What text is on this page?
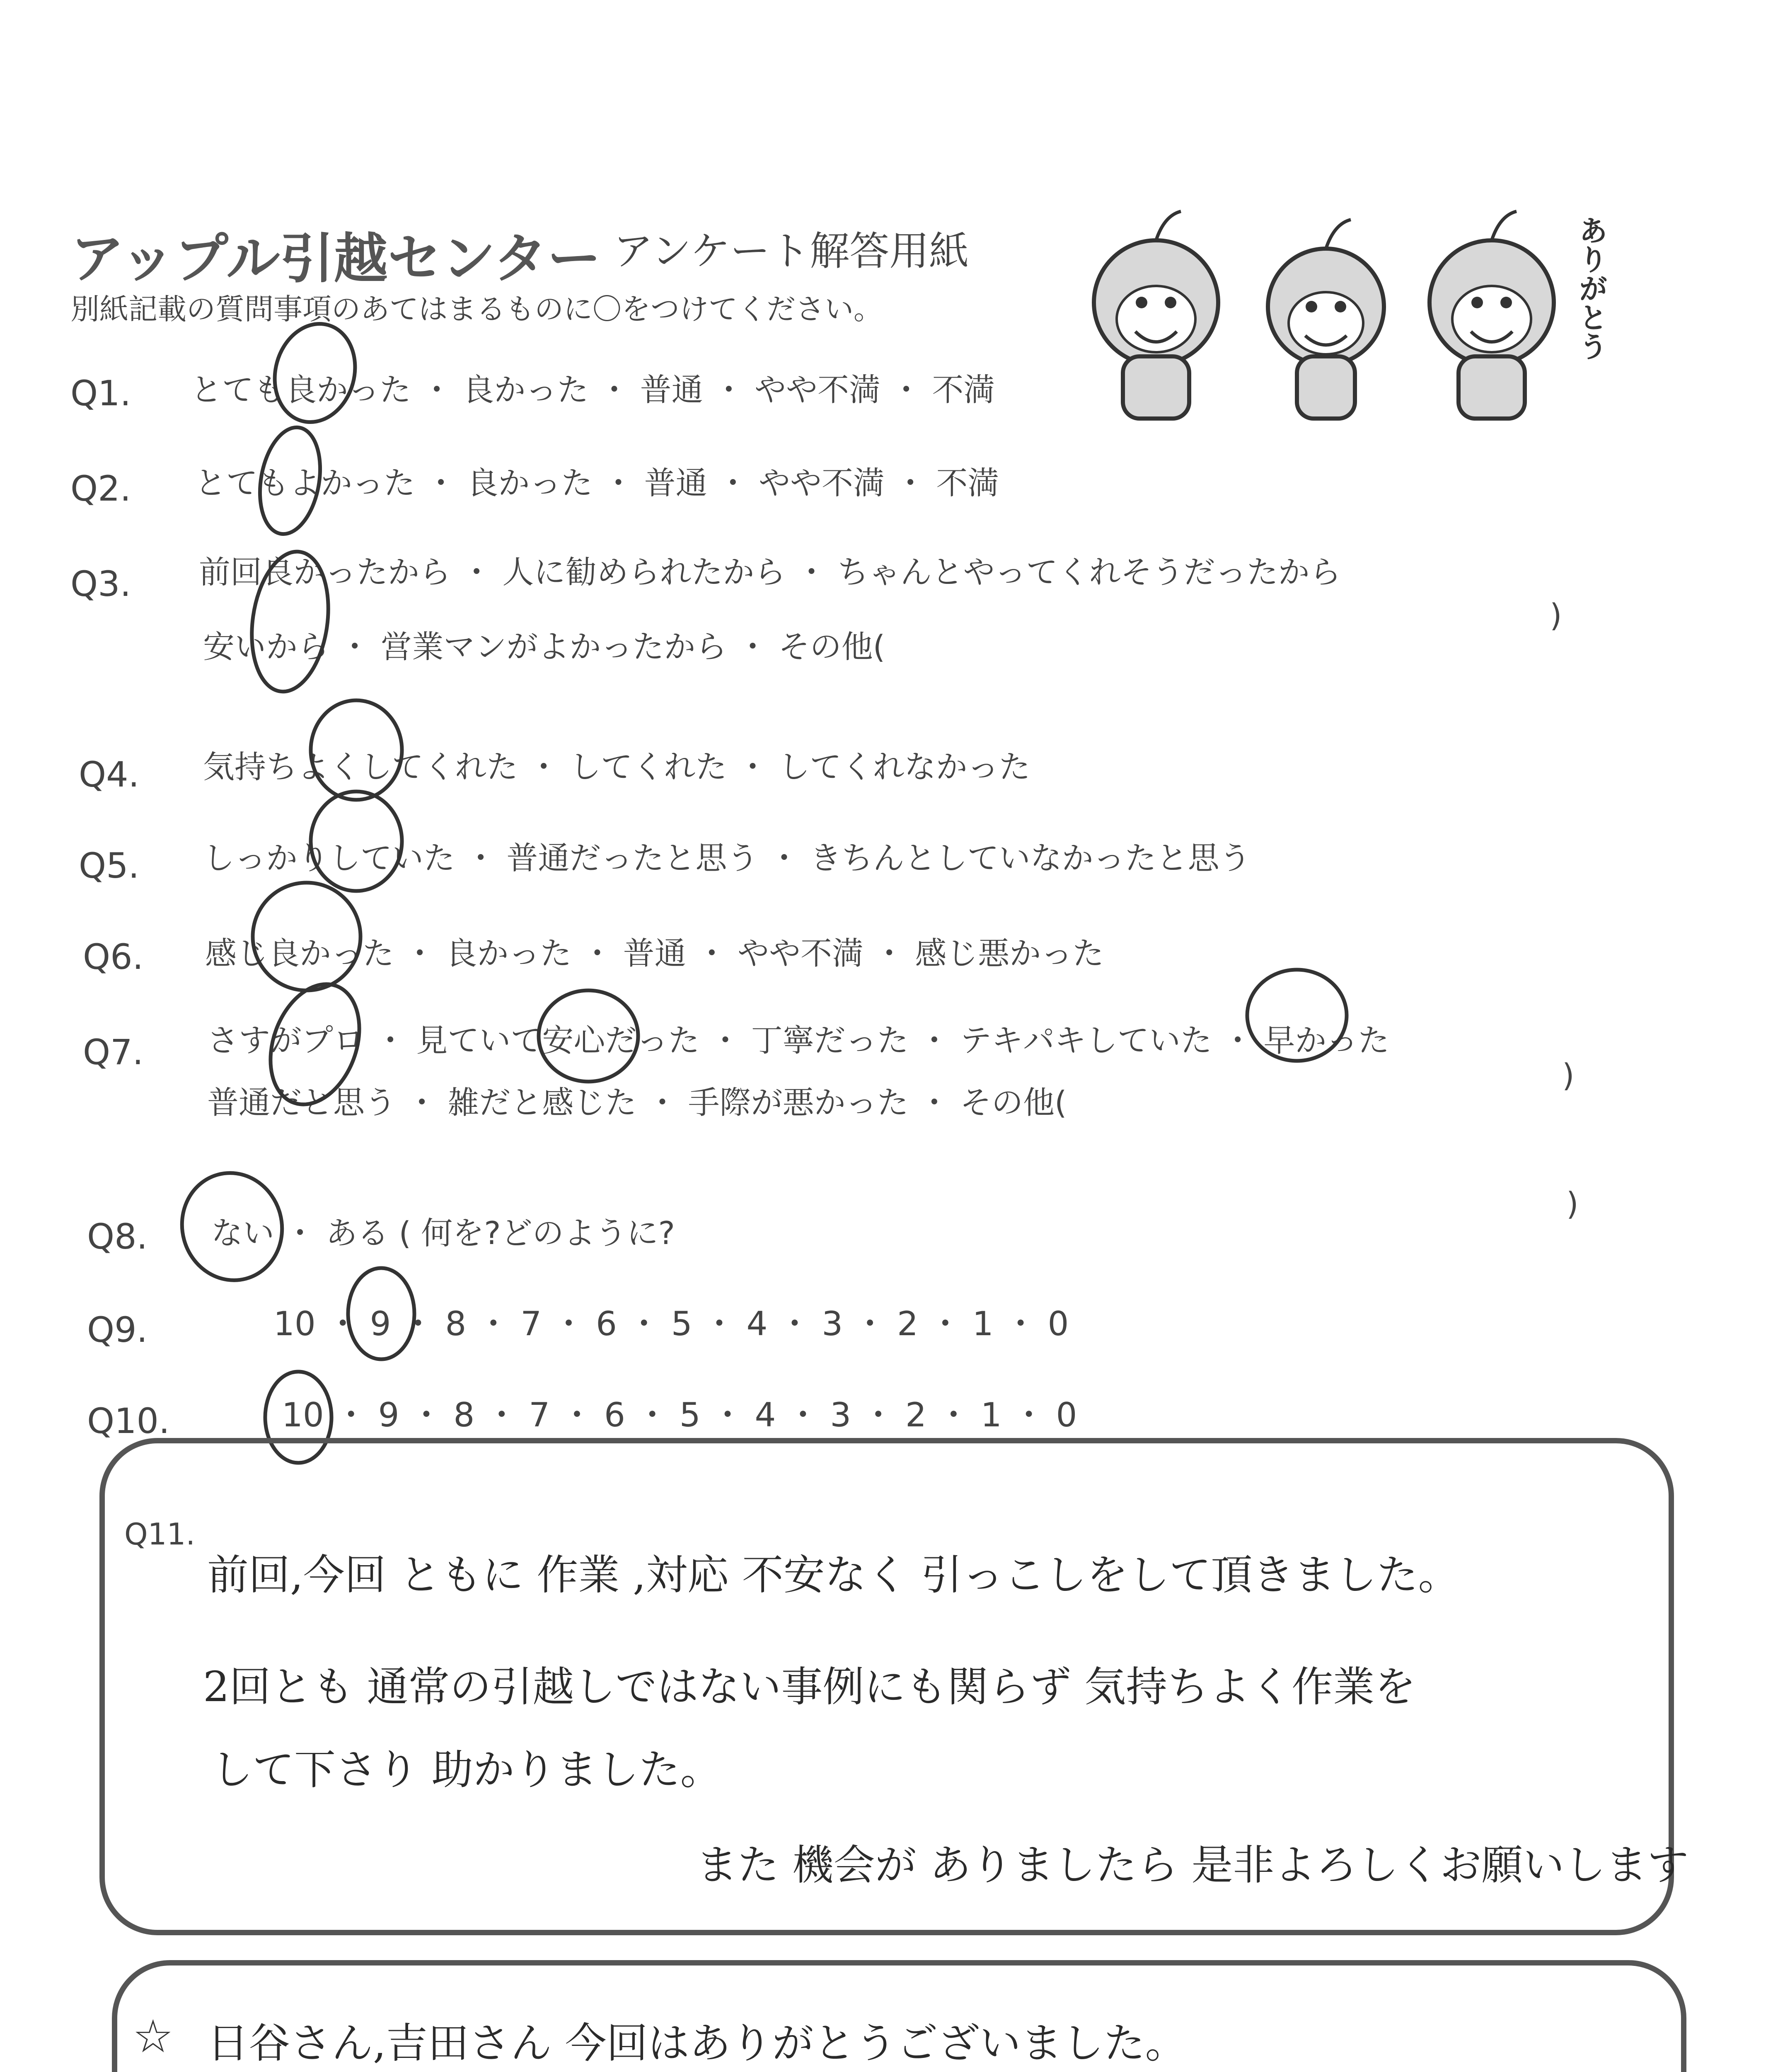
アップル引越センター アンケート解答用紙
別紙記載の質問事項のあてはまるものに〇をつけてください。	ありがとう
Q1. とても良かった ・ 良かった ・ 普通 ・ やや不満 ・ 不満
Q2. とてもよかった ・ 良かった ・ 普通 ・ やや不満 ・ 不満
Q3. 前回良かったから ・ 人に勧められたから ・ ちゃんとやってくれそうだったから
安いから ・ 営業マンがよかったから ・ その他(
)
Q4. 気持ちよくしてくれた ・ してくれた ・ してくれなかった
Q5. しっかりしていた ・ 普通だったと思う ・ きちんとしていなかったと思う
Q6. 感じ良かった ・ 良かった ・ 普通 ・ やや不満 ・ 感じ悪かった
Q7. さすがプロ ・ 見ていて安心だった ・ 丁寧だった ・ テキパキしていた ・ 早かった
普通だと思う ・ 雑だと感じた ・ 手際が悪かった ・ その他(
)
Q8. ない ・ ある ( 何を?どのように?
)
Q9.	10 ・ 9 ・ 8 ・ 7 ・ 6 ・ 5 ・ 4 ・ 3 ・ 2 ・ 1 ・ 0
Q10.	10 ・ 9 ・ 8 ・ 7 ・ 6 ・ 5 ・ 4 ・ 3 ・ 2 ・ 1 ・ 0
Q11.
前回,今回 ともに 作業 ,対応 不安なく 引っこしをして頂きました。
2回とも 通常の引越しではない事例にも関らず 気持ちよく作業を
して下さり 助かりました。
また 機会が ありましたら 是非よろしくお願いします
☆ 日谷さん,吉田さん 今回はありがとうございました。
